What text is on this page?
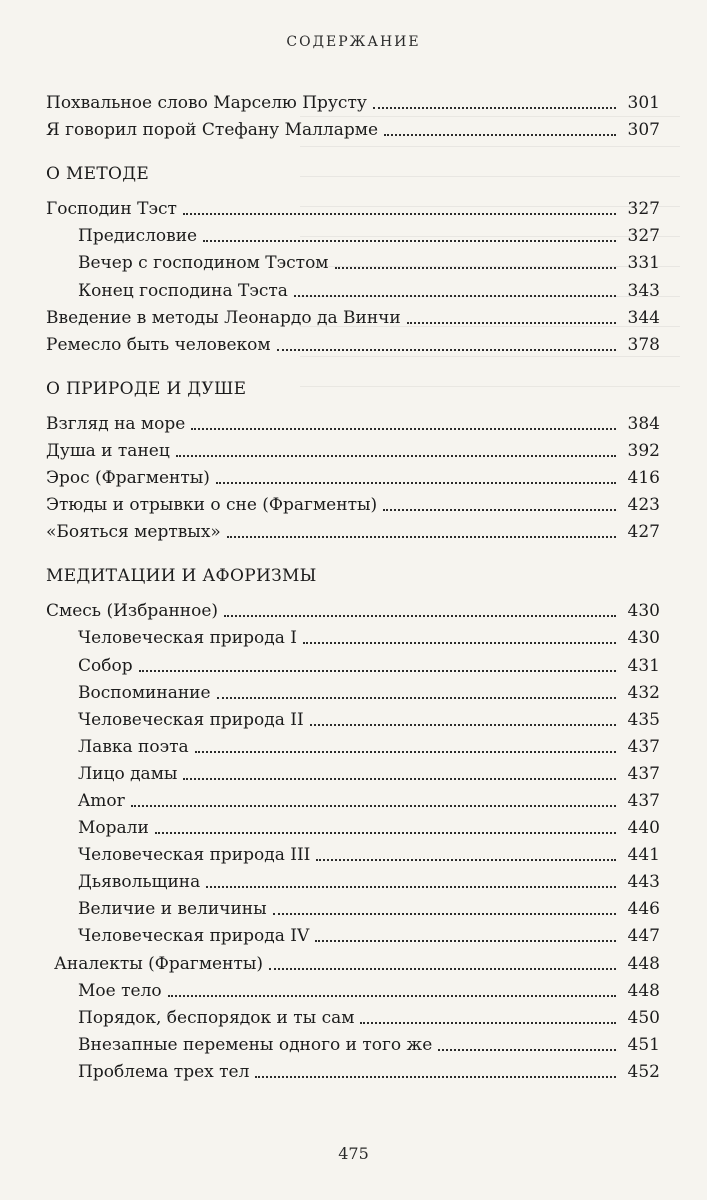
СОДЕРЖАНИЕ
Похвальное слово Марселю Прусту	301
Я говорил порой Стефану Малларме	307
О МЕТОДЕ
Господин Тэст	327
Предисловие	327
Вечер с господином Тэстом	331
Конец господина Тэста	343
Введение в методы Леонардо да Винчи	344
Ремесло быть человеком	378
О ПРИРОДЕ И ДУШЕ
Взгляд на море	384
Душа и танец	392
Эрос (Фрагменты)	416
Этюды и отрывки о сне (Фрагменты)	423
«Бояться мертвых»	427
МЕДИТАЦИИ И АФОРИЗМЫ
Смесь (Избранное)	430
Человеческая природа I	430
Собор	431
Воспоминание	432
Человеческая природа II	435
Лавка поэта	437
Лицо дамы	437
Amor	437
Морали	440
Человеческая природа III	441
Дьявольщина	443
Величие и величины	446
Человеческая природа IV	447
Аналекты (Фрагменты)	448
Мое тело	448
Порядок, беспорядок и ты сам	450
Внезапные перемены одного и того же	451
Проблема трех тел	452
475
